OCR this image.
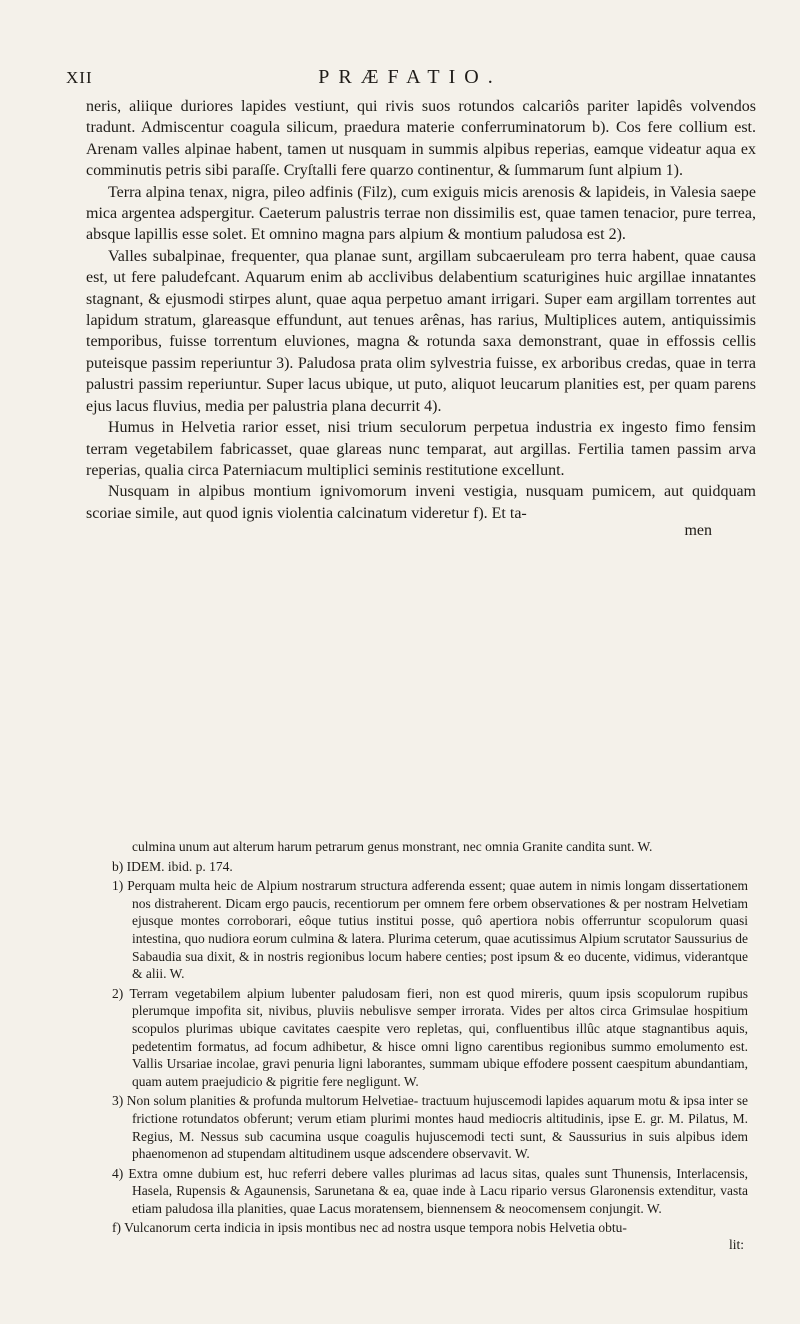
XII	PRÆFATIO.

neris, aliique duriores lapides vestiunt, qui rivis suos rotundos calcariôs pariter lapidês volvendos tradunt. Admiscentur coagula silicum, praedura materie conferruminatorum b). Cos fere collium est. Arenam valles alpinae habent, tamen ut nusquam in summis alpibus reperias, eamque videatur aqua ex comminutis petris sibi paraſſe. Cryſtalli fere quarzo continentur, & ſummarum ſunt alpium 1).

Terra alpina tenax, nigra, pileo adfinis (Filz), cum exiguis micis arenosis & lapideis, in Valesia saepe mica argentea adspergitur. Caeterum palustris terrae non dissimilis est, quae tamen tenacior, pure terrea, absque lapillis esse solet. Et omnino magna pars alpium & montium paludosa est 2).

Valles subalpinae, frequenter, qua planae sunt, argillam subcaeruleam pro terra habent, quae causa est, ut fere paludefcant. Aquarum enim ab acclivibus delabentium scaturigines huic argillae innatantes stagnant, & ejusmodi stirpes alunt, quae aqua perpetuo amant irrigari. Super eam argillam torrentes aut lapidum stratum, glareasque effundunt, aut tenues arênas, has rarius, Multiplices autem, antiquissimis temporibus, fuisse torrentum eluviones, magna & rotunda saxa demonstrant, quae in effossis cellis puteisque passim reperiuntur 3). Paludosa prata olim sylvestria fuisse, ex arboribus credas, quae in terra palustri passim reperiuntur. Super lacus ubique, ut puto, aliquot leucarum planities est, per quam parens ejus lacus fluvius, media per palustria plana decurrit 4).

Humus in Helvetia rarior esset, nisi trium seculorum perpetua industria ex ingesto fimo fensim terram vegetabilem fabricasset, quae glareas nunc temparat, aut argillas. Fertilia tamen passim arva reperias, qualia circa Paterniacum multiplici seminis restitutione excellunt.

Nusquam in alpibus montium ignivomorum inveni vestigia, nusquam pumicem, aut quidquam scoriae simile, aut quod ignis violentia calcinatum videretur f). Et ta-

men

culmina unum aut alterum harum petrarum genus monstrant, nec omnia Granite candita sunt. W.

b) IDEM. ibid. p. 174.

1) Perquam multa heic de Alpium nostrarum structura adferenda essent; quae autem in nimis longam dissertationem nos distraherent. Dicam ergo paucis, recentiorum per omnem fere orbem observationes & per nostram Helvetiam ejusque montes corroborari, eôque tutius institui posse, quô apertiora nobis offerruntur scopulorum quasi intestina, quo nudiora eorum culmina & latera. Plurima ceterum, quae acutissimus Alpium scrutator Saussurius de Sabaudia sua dixit, & in nostris regionibus locum habere centies; post ipsum & eo ducente, vidimus, viderantque & alii. W.

2) Terram vegetabilem alpium lubenter paludosam fieri, non est quod mireris, quum ipsis scopulorum rupibus plerumque impofita sit, nivibus, pluviis nebulisve semper irrorata. Vides per altos circa Grimsulae hospitium scopulos plurimas ubique cavitates caespite vero repletas, qui, confluentibus illûc atque stagnantibus aquis, pedetentim formatus, ad focum adhibetur, & hisce omni ligno carentibus regionibus summo emolumento est. Vallis Ursariae incolae, gravi penuria ligni laborantes, summam ubique effodere possent caespitum abundantiam, quam autem praejudicio & pigritie fere negligunt. W.

3) Non solum planities & profunda multorum Helvetiae- tractuum hujuscemodi lapides aquarum motu & ipsa inter se frictione rotundatos obferunt; verum etiam plurimi montes haud mediocris altitudinis, ipse E. gr. M. Pilatus, M. Regius, M. Nessus sub cacumina usque coagulis hujuscemodi tecti sunt, & Saussurius in suis alpibus idem phaenomenon ad stupendam altitudinem usque adscendere observavit. W.

4) Extra omne dubium est, huc referri debere valles plurimas ad lacus sitas, quales sunt Thunensis, Interlacensis, Hasela, Rupensis & Agaunensis, Sarunetana & ea, quae inde à Lacu ripario versus Glaronensis extenditur, vasta etiam paludosa illa planities, quae Lacus moratensem, biennensem & neocomensem conjungit. W.

f) Vulcanorum certa indicia in ipsis montibus nec ad nostra usque tempora nobis Helvetia obtu-

lit:
